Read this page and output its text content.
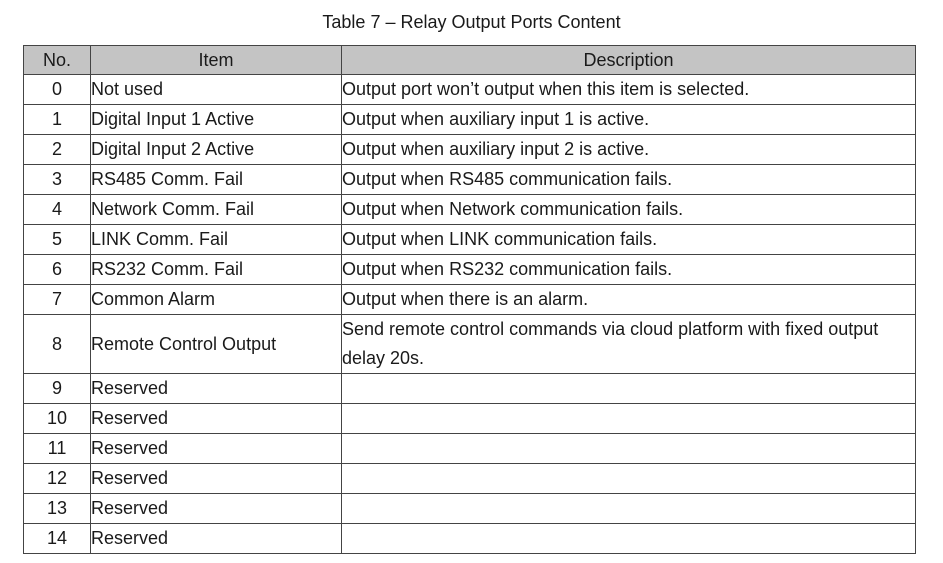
Table 7 – Relay Output Ports Content
No.	Item	Description
0	Not used	Output port won’t output when this item is selected.
1	Digital Input 1 Active	Output when auxiliary input 1 is active.
2	Digital Input 2 Active	Output when auxiliary input 2 is active.
3	RS485 Comm. Fail	Output when RS485 communication fails.
4	Network Comm. Fail	Output when Network communication fails.
5	LINK Comm. Fail	Output when LINK communication fails.
6	RS232 Comm. Fail	Output when RS232 communication fails.
7	Common Alarm	Output when there is an alarm.
8	Remote Control Output	Send remote control commands via cloud platform with fixed output delay 20s.
9	Reserved	
10	Reserved	
11	Reserved	
12	Reserved	
13	Reserved	
14	Reserved	
